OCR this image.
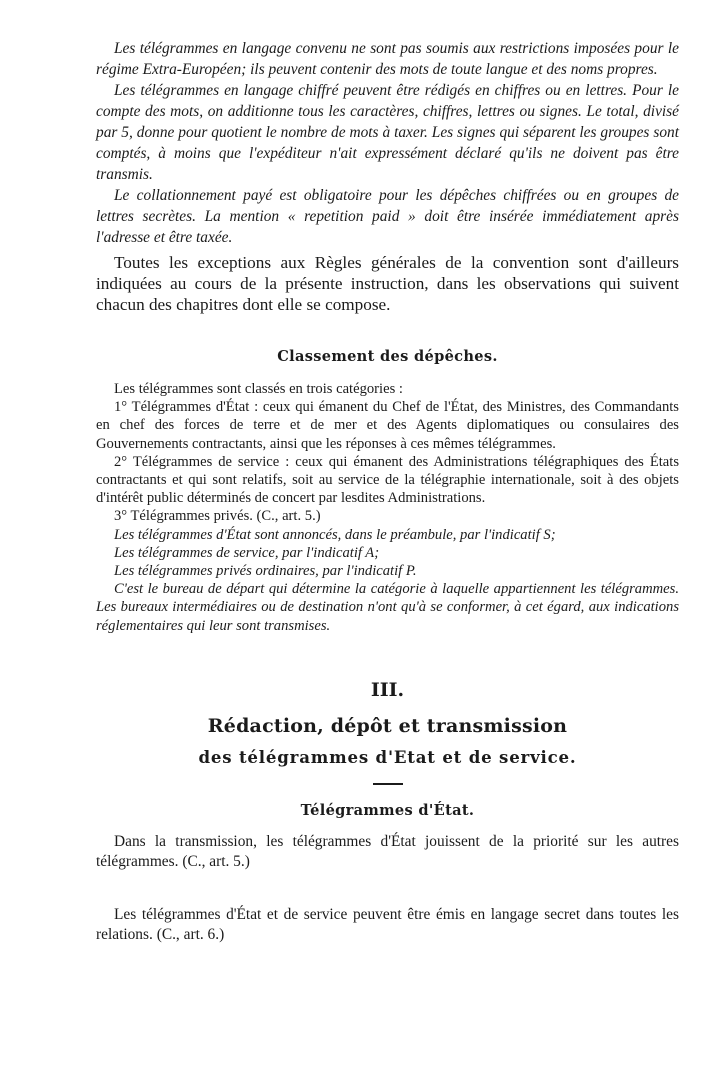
Les télégrammes en langage convenu ne sont pas soumis aux restrictions imposées pour le régime Extra-Européen; ils peuvent contenir des mots de toute langue et des noms propres.

Les télégrammes en langage chiffré peuvent être rédigés en chiffres ou en lettres. Pour le compte des mots, on additionne tous les caractères, chiffres, lettres ou signes. Le total, divisé par 5, donne pour quotient le nombre de mots à taxer. Les signes qui séparent les groupes sont comptés, à moins que l'expéditeur n'ait expressément déclaré qu'ils ne doivent pas être transmis.

Le collationnement payé est obligatoire pour les dépêches chiffrées ou en groupes de lettres secrètes. La mention « repetition paid » doit être insérée immédiatement après l'adresse et être taxée.

Toutes les exceptions aux Règles générales de la convention sont d'ailleurs indiquées au cours de la présente instruction, dans les observations qui suivent chacun des chapitres dont elle se compose.

Classement des dépêches.

Les télégrammes sont classés en trois catégories :

1° Télégrammes d'État : ceux qui émanent du Chef de l'État, des Ministres, des Commandants en chef des forces de terre et de mer et des Agents diplomatiques ou consulaires des Gouvernements contractants, ainsi que les réponses à ces mêmes télégrammes.

2° Télégrammes de service : ceux qui émanent des Administrations télégraphiques des États contractants et qui sont relatifs, soit au service de la télégraphie internationale, soit à des objets d'intérêt public déterminés de concert par lesdites Administrations.

3° Télégrammes privés. (C., art. 5.)

Les télégrammes d'État sont annoncés, dans le préambule, par l'indicatif S;

Les télégrammes de service, par l'indicatif A;

Les télégrammes privés ordinaires, par l'indicatif P.

C'est le bureau de départ qui détermine la catégorie à laquelle appartiennent les télégrammes. Les bureaux intermédiaires ou de destination n'ont qu'à se conformer, à cet égard, aux indications réglementaires qui leur sont transmises.

III.
Rédaction, dépôt et transmission
des télégrammes d'Etat et de service.
Télégrammes d'État.

Dans la transmission, les télégrammes d'État jouissent de la priorité sur les autres télégrammes. (C., art. 5.)

Les télégrammes d'État et de service peuvent être émis en langage secret dans toutes les relations. (C., art. 6.)
